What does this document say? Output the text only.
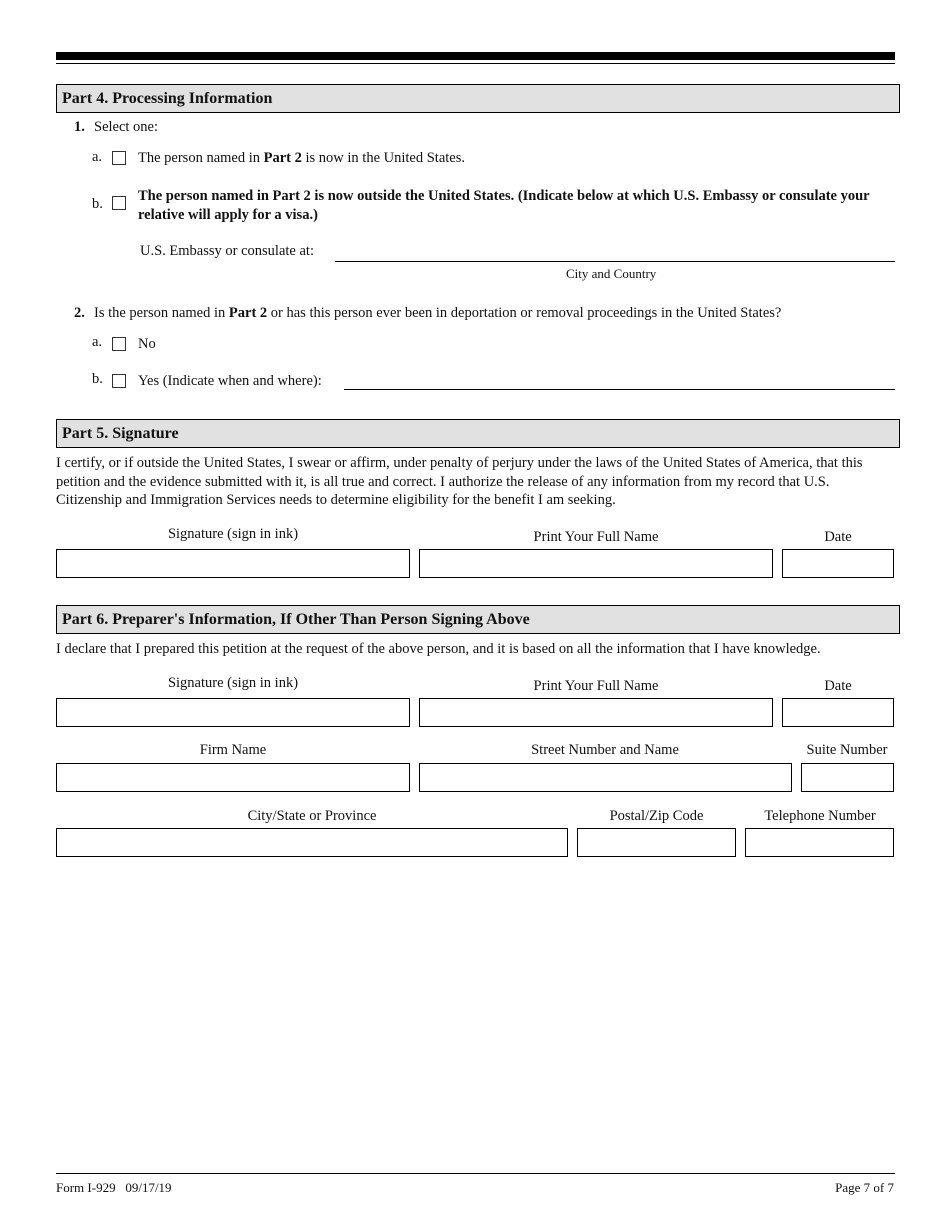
Part 4. Processing Information
1. Select one:
a. The person named in Part 2 is now in the United States.
b. The person named in Part 2 is now outside the United States. (Indicate below at which U.S. Embassy or consulate your relative will apply for a visa.)
U.S. Embassy or consulate at:
City and Country
2. Is the person named in Part 2 or has this person ever been in deportation or removal proceedings in the United States?
a. No
b. Yes (Indicate when and where):
Part 5. Signature
I certify, or if outside the United States, I swear or affirm, under penalty of perjury under the laws of the United States of America, that this petition and the evidence submitted with it, is all true and correct. I authorize the release of any information from my record that U.S. Citizenship and Immigration Services needs to determine eligibility for the benefit I am seeking.
Signature (sign in ink)	Print Your Full Name	Date
Part 6. Preparer's Information, If Other Than Person Signing Above
I declare that I prepared this petition at the request of the above person, and it is based on all the information that I have knowledge.
Signature (sign in ink)	Print Your Full Name	Date
Firm Name	Street Number and Name	Suite Number
City/State or Province	Postal/Zip Code	Telephone Number
Form I-929   09/17/19	Page 7 of 7
